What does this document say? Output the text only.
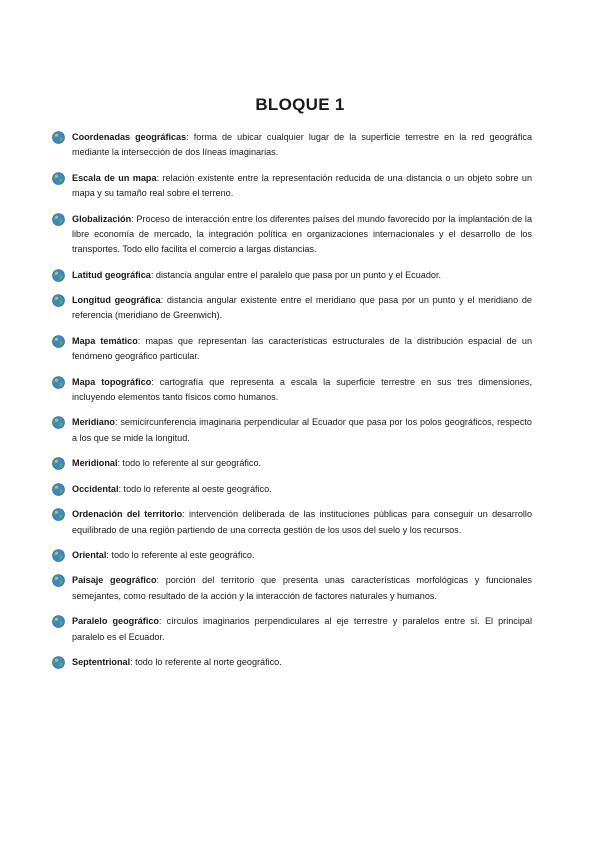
BLOQUE 1

Coordenadas geográficas: forma de ubicar cualquier lugar de la superficie terrestre en la red geográfica mediante la intersección de dos líneas imaginarias.

Escala de un mapa: relación existente entre la representación reducida de una distancia o un objeto sobre un mapa y su tamaño real sobre el terreno.

Globalización: Proceso de interacción entre los diferentes países del mundo favorecido por la implantación de la libre economía de mercado, la integración política en organizaciones internacionales y el desarrollo de los transportes. Todo ello facilita el comercio a largas distancias.

Latitud geográfica: distancia angular entre el paralelo que pasa por un punto y el Ecuador.

Longitud geográfica: distancia angular existente entre el meridiano que pasa por un punto y el meridiano de referencia (meridiano de Greenwich).

Mapa temático: mapas que representan las características estructurales de la distribución espacial de un fenómeno geográfico particular.

Mapa topográfico: cartografía que representa a escala la superficie terrestre en sus tres dimensiones, incluyendo elementos tanto físicos como humanos.

Meridiano: semicircunferencia imaginaria perpendicular al Ecuador que pasa por los polos geográficos, respecto a los que se mide la longitud.

Meridional: todo lo referente al sur geográfico.

Occidental: todo lo referente al oeste geográfico.

Ordenación del territorio: intervención deliberada de las instituciones públicas para conseguir un desarrollo equilibrado de una región partiendo de una correcta gestión de los usos del suelo y los recursos.

Oriental: todo lo referente al este geográfico.

Paisaje geográfico: porción del territorio que presenta unas características morfológicas y funcionales semejantes, como resultado de la acción y la interacción de factores naturales y humanos.

Paralelo geográfico: círculos imaginarios perpendiculares al eje terrestre y paralelos entre sí. El principal paralelo es el Ecuador.

Septentrional: todo lo referente al norte geográfico.
